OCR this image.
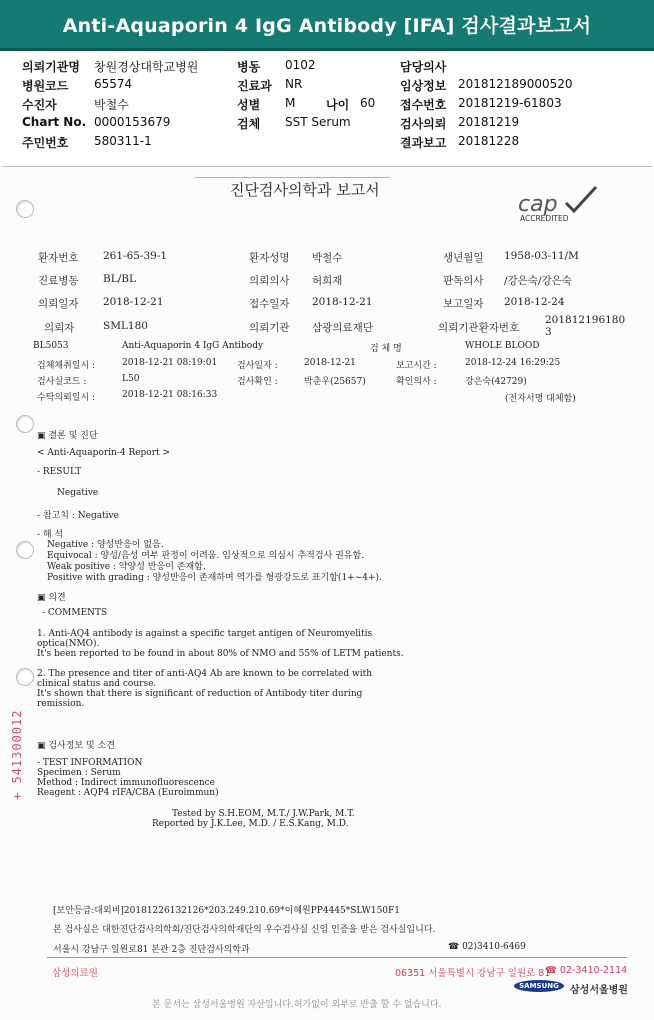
Anti-Aquaporin 4 IgG Antibody [IFA] 검사결과보고서
의뢰기관명 창원경상대학교병원	병동 0102	담당의사
병원코드 65574	진료과 NR	임상정보 201812189000520
수진자	박철수	성별 M	나이 60 접수번호 20181219-61803
Chart No. 0000153679	검체 SST Serum	검사의뢰 20181219
주민번호 580311-1	결과보고 20181228
진단검사의학과 보고서
cap
ACCREDITED
환자번호 261-65-39-1	환자성명 박철수	생년월일 1958-03-11/M
진료병동 BL/BL	의뢰의사 허희재	판독의사 /강은숙/강은숙
의뢰일자 2018-12-21	접수일자 2018-12-21	보고일자 2018-12-24
의뢰자	SML180	의뢰기관 삼광의료재단	의뢰기관환자번호
201812196180
3
BL5053	Anti-Aquaporin 4 IgG Antibody	검 체 명	WHOLE BLOOD
검체채취일시 :	2018-12-21 08:19:01 검사일자 :	2018-12-21	보고시간 :	2018-12-24 16:29:25
검사실코드 :	L50	검사확인 :	박춘우(25657)	확인의사 :	강은숙(42729)
수탁의뢰일시 :	2018-12-21 08:16:33	(전자서명 대체함)
▣ 결론 및 진단
< Anti-Aquaporin-4 Report >
- RESULT
Negative
- 참고치 : Negative
- 해 석
Negative : 양성반응이 없음.
Equivocal : 양성/음성 여부 판정이 어려움. 임상적으로 의심시 추적검사 권유함.
Weak positive : 약양성 반응이 존재함.
Positive with grading : 양성반응이 존재하며 역가를 형광강도로 표기함(1+~4+).
▣ 의견
- COMMENTS
1. Anti-AQ4 antibody is against a specific target antigen of Neuromyelitis
optica(NMO).
It's been reported to be found in about 80% of NMO and 55% of LETM patients.
2. The presence and titer of anti-AQ4 Ab are known to be correlated with
clinical status and course.
It's shown that there is significant of reduction of Antibody titer during
remission.
▣ 검사정보 및 소견
- TEST INFORMATION
Specimen : Serum
Method : Indirect immunofluorescence
Reagent : AQP4 rIFA/CBA (Euroimmun)
Tested by S.H.EOM, M.T./ J.W.Park, M.T.
Reported by J.K.Lee, M.D. / E.S.Kang, M.D.
+ 541300012
[보안등급:대외비]20181226132126*203.249.210.69*이혜원PP4445*SLW150F1
본 검사실은 대한진단검사의학회/진단검사의학재단의 우수검사실 신임 인증을 받은 검사실입니다.
서울시 강남구 일원로81 본관 2층 진단검사의학과	☎ 02)3410-6469
삼성의료원	06351 서울특별시 강남구 일원로 81
☎ 02-3410-2114
SAMSUNG 삼성서울병원
본 문서는 삼성서울병원 자산입니다.허가없이 외부로 반출 할 수 없습니다.
